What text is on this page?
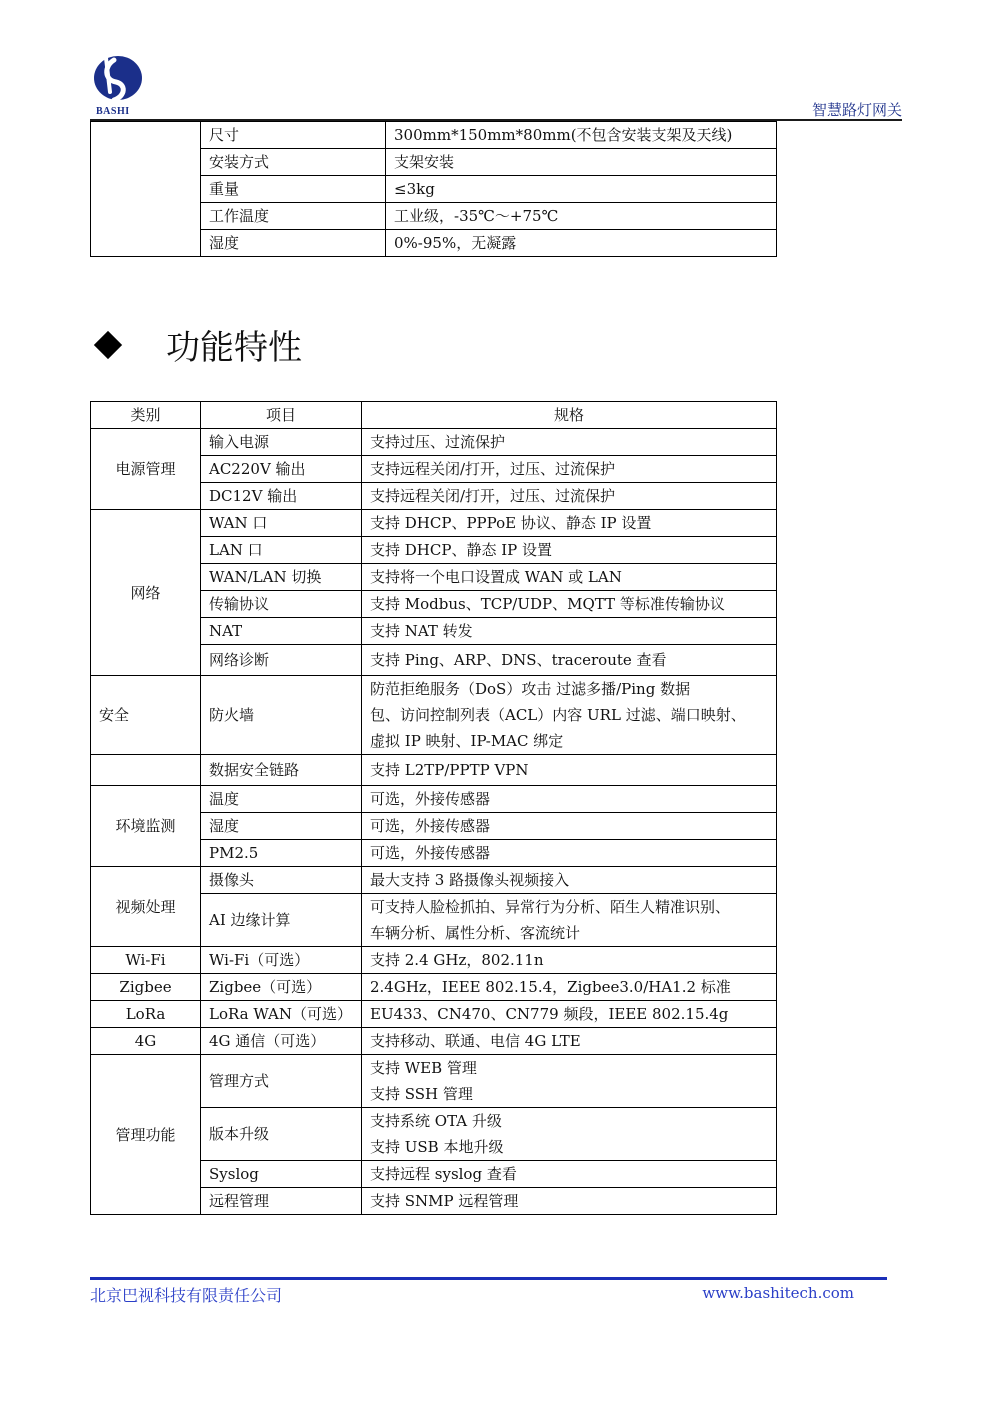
BASHI	智慧路灯网关
	尺寸	300mm*150mm*80mm(不包含安装支架及天线)
	安装方式	支架安装
	重量	≤3kg
	工作温度	工业级，-35℃～+75℃
	湿度	0%-95%，无凝露
功能特性
类别	项目	规格
电源管理	输入电源	支持过压、过流保护
	AC220V 输出	支持远程关闭/打开，过压、过流保护
	DC12V 输出	支持远程关闭/打开，过压、过流保护
网络	WAN 口	支持 DHCP、PPPoE 协议、静态 IP 设置
	LAN 口	支持 DHCP、静态 IP 设置
	WAN/LAN 切换	支持将一个电口设置成 WAN 或 LAN
	传输协议	支持 Modbus、TCP/UDP、MQTT 等标准传输协议
	NAT	支持 NAT 转发
	网络诊断	支持 Ping、ARP、DNS、traceroute 查看
安全	防火墙	防范拒绝服务（DoS）攻击 过滤多播/Ping 数据
包、访问控制列表（ACL）内容 URL 过滤、端口映射、
虚拟 IP 映射、IP-MAC 绑定

	数据安全链路	支持 L2TP/PPTP VPN
环境监测	温度	可选，外接传感器
	湿度	可选，外接传感器
	PM2.5	可选，外接传感器
视频处理	摄像头	最大支持 3 路摄像头视频接入
	AI 边缘计算	可支持人脸检抓拍、异常行为分析、陌生人精准识别、
车辆分析、属性分析、客流统计

Wi-Fi	Wi-Fi（可选）	支持 2.4 GHz，802.11n
Zigbee	Zigbee（可选）	2.4GHz，IEEE 802.15.4，Zigbee3.0/HA1.2 标准
LoRa	LoRa WAN（可选）	EU433、CN470、CN779 频段，IEEE 802.15.4g
4G	4G 通信（可选）	支持移动、联通、电信 4G LTE
管理功能	管理方式	支持 WEB 管理
支持 SSH 管理

	版本升级	支持系统 OTA 升级
支持 USB 本地升级

	Syslog	支持远程 syslog 查看
	远程管理	支持 SNMP 远程管理
北京巴视科技有限责任公司	www.bashitech.com
